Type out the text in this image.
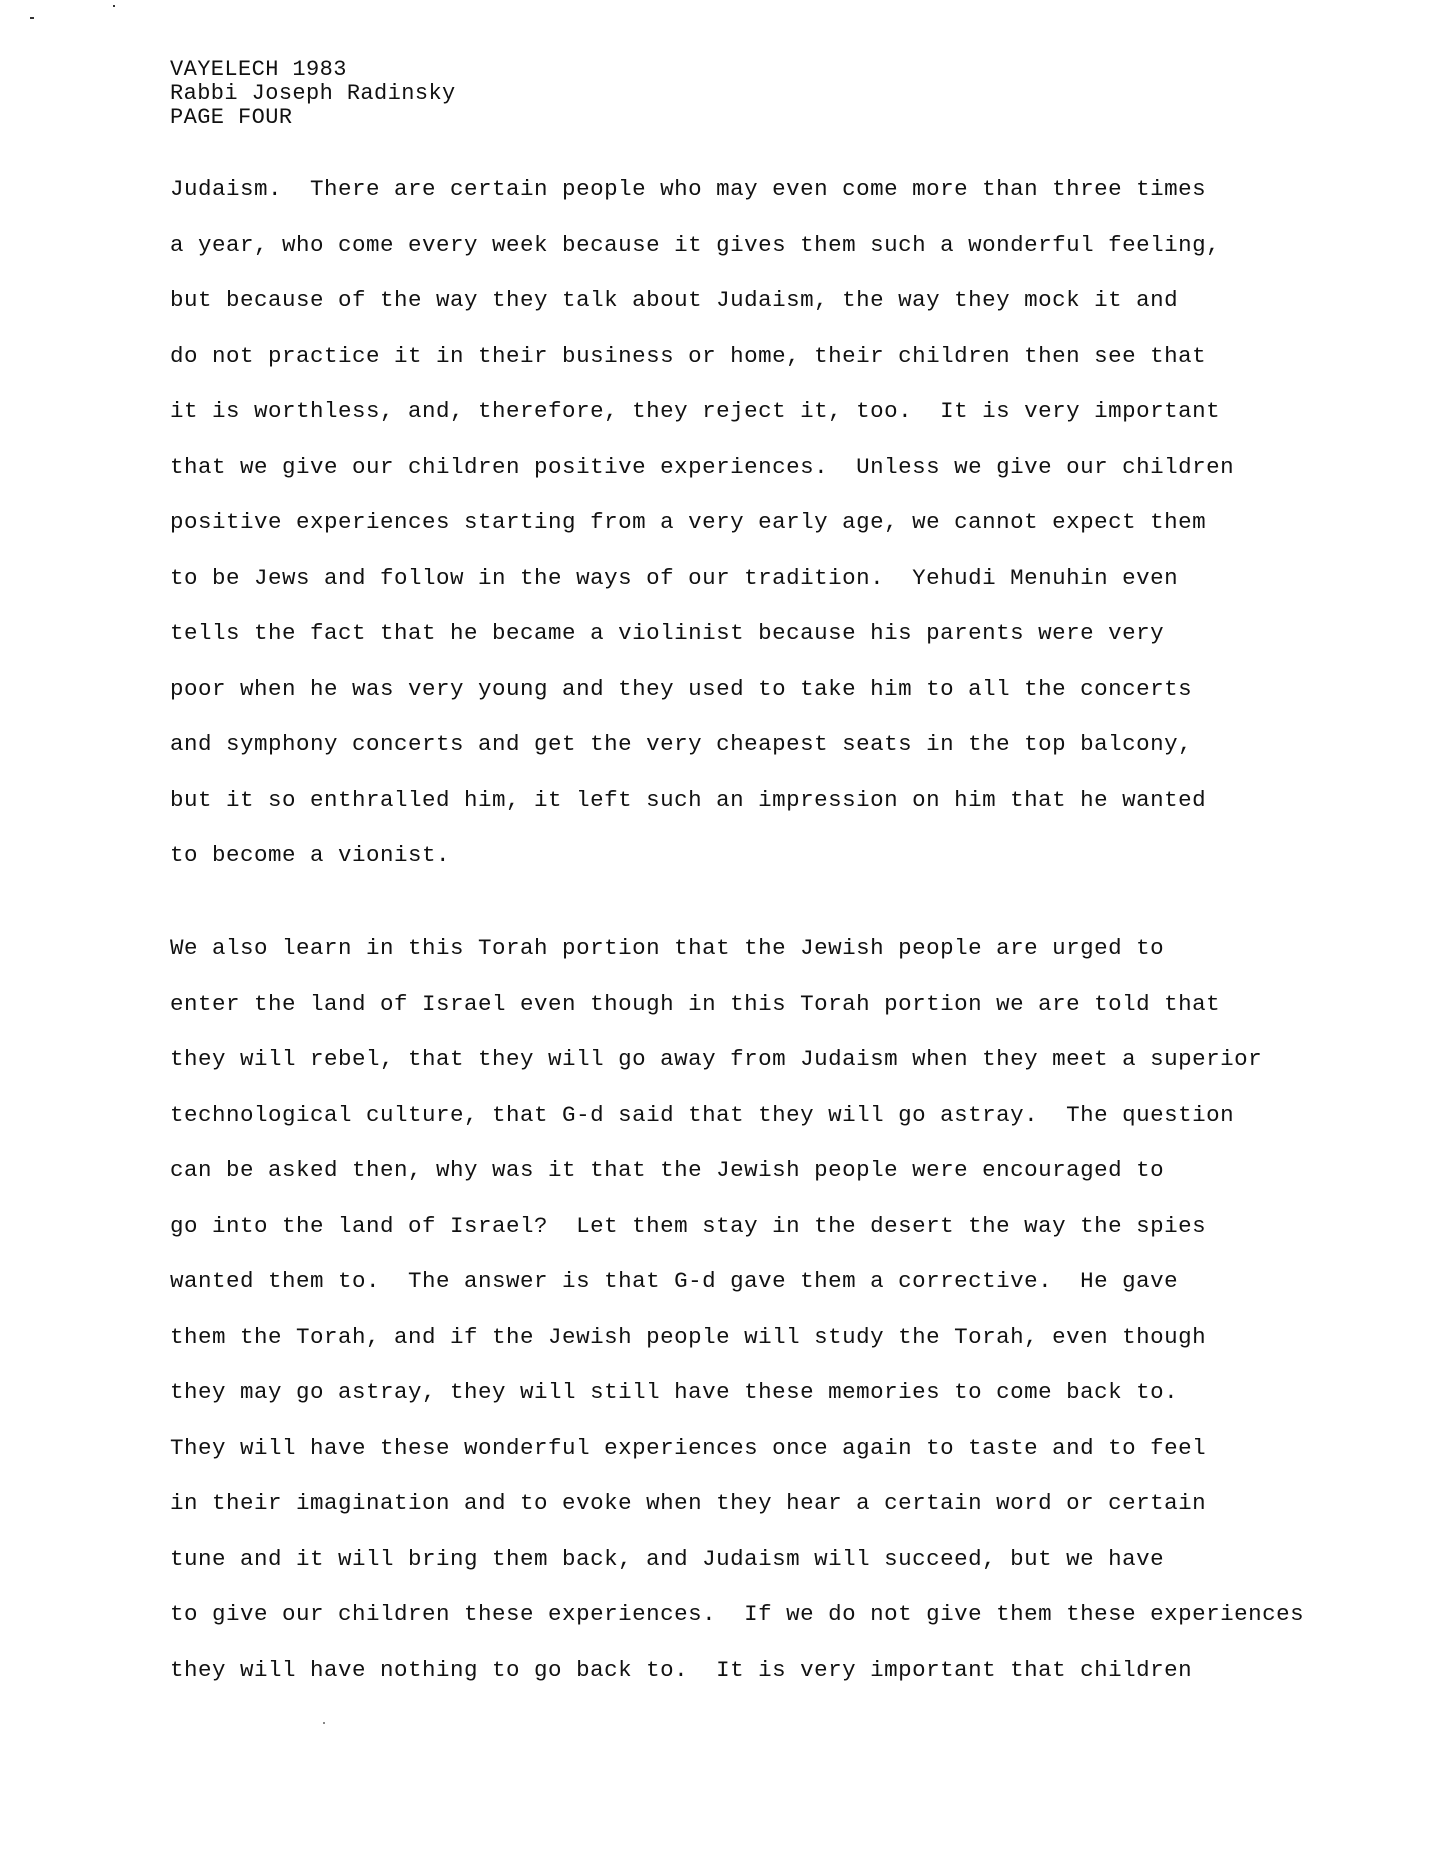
VAYELECH 1983
Rabbi Joseph Radinsky
PAGE FOUR
Judaism.  There are certain people who may even come more than three times
a year, who come every week because it gives them such a wonderful feeling,
but because of the way they talk about Judaism, the way they mock it and
do not practice it in their business or home, their children then see that
it is worthless, and, therefore, they reject it, too.  It is very important
that we give our children positive experiences.  Unless we give our children
positive experiences starting from a very early age, we cannot expect them
to be Jews and follow in the ways of our tradition.  Yehudi Menuhin even
tells the fact that he became a violinist because his parents were very
poor when he was very young and they used to take him to all the concerts
and symphony concerts and get the very cheapest seats in the top balcony,
but it so enthralled him, it left such an impression on him that he wanted
to become a vionist.
We also learn in this Torah portion that the Jewish people are urged to
enter the land of Israel even though in this Torah portion we are told that
they will rebel, that they will go away from Judaism when they meet a superior
technological culture, that G-d said that they will go astray.  The question
can be asked then, why was it that the Jewish people were encouraged to
go into the land of Israel?  Let them stay in the desert the way the spies
wanted them to.  The answer is that G-d gave them a corrective.  He gave
them the Torah, and if the Jewish people will study the Torah, even though
they may go astray, they will still have these memories to come back to.
They will have these wonderful experiences once again to taste and to feel
in their imagination and to evoke when they hear a certain word or certain
tune and it will bring them back, and Judaism will succeed, but we have
to give our children these experiences.  If we do not give them these experiences
they will have nothing to go back to.  It is very important that children
